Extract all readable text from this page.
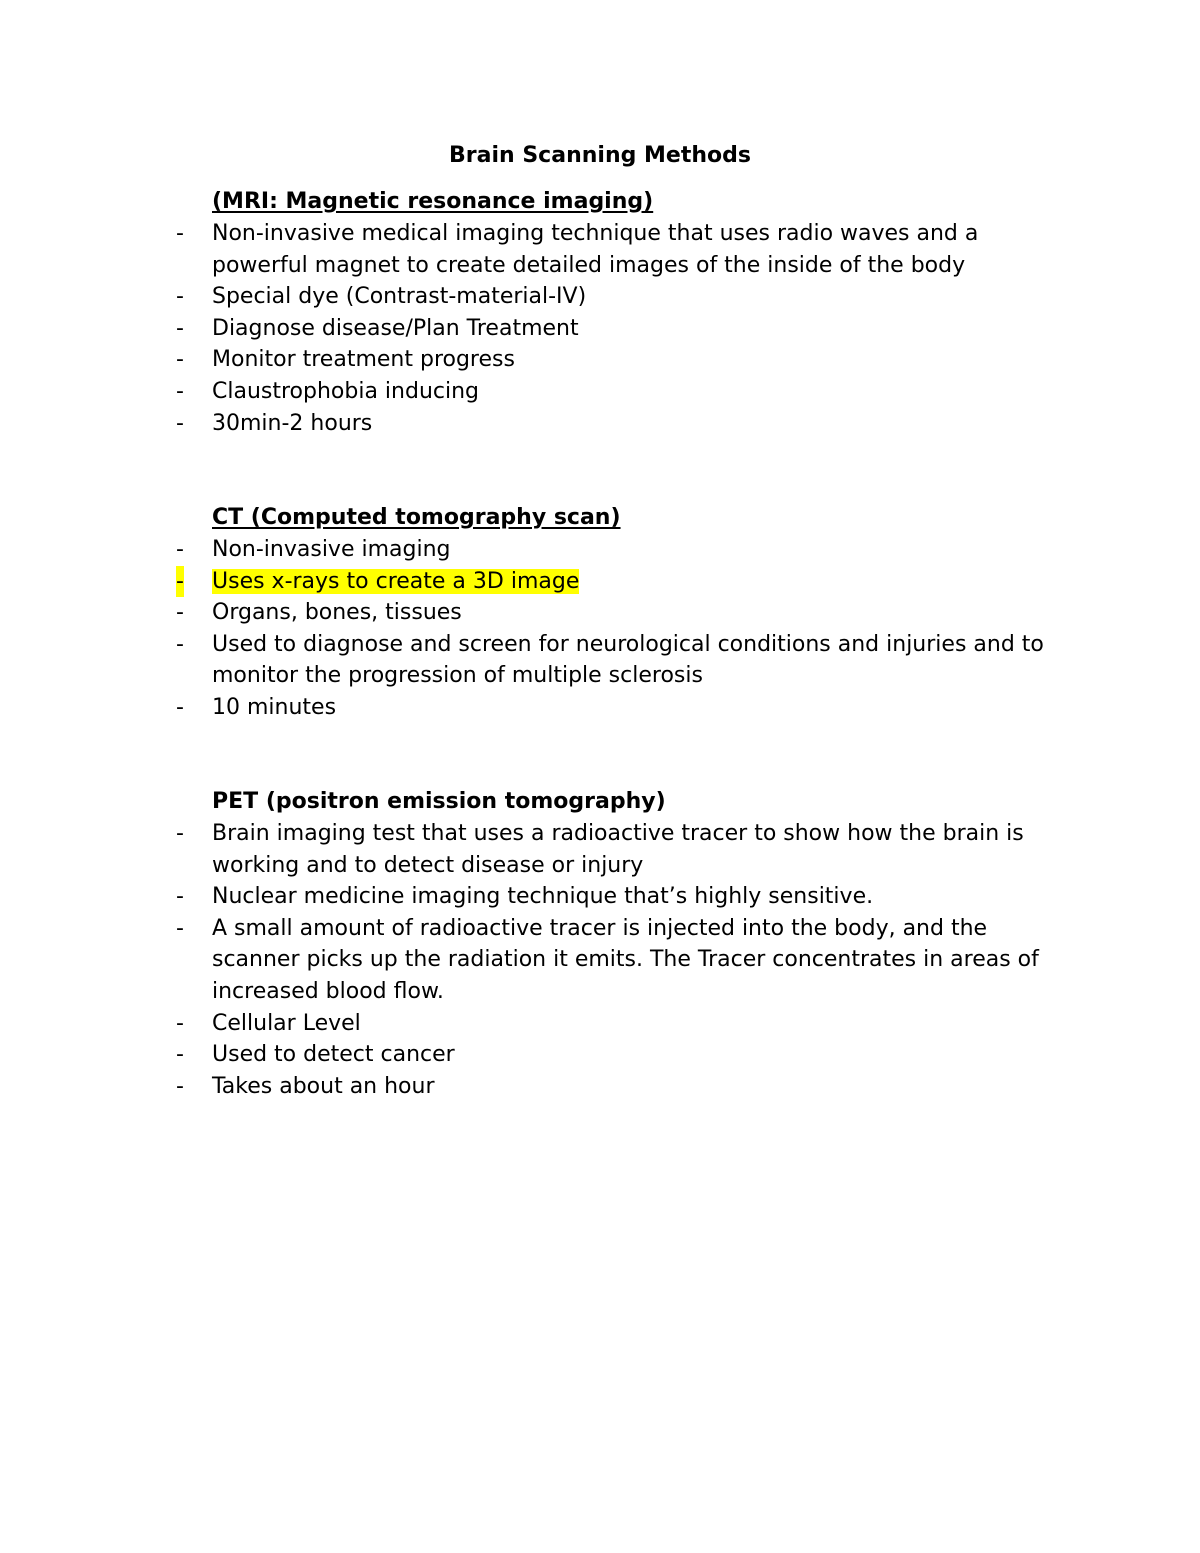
Brain Scanning Methods
(MRI: Magnetic resonance imaging)
- Non-invasive medical imaging technique that uses radio waves and a powerful magnet to create detailed images of the inside of the body
- Special dye (Contrast-material-IV)
- Diagnose disease/Plan Treatment
- Monitor treatment progress
- Claustrophobia inducing
- 30min-2 hours
CT (Computed tomography scan)
- Non-invasive imaging
- Uses x-rays to create a 3D image
- Organs, bones, tissues
- Used to diagnose and screen for neurological conditions and injuries and to monitor the progression of multiple sclerosis
- 10 minutes
PET (positron emission tomography)
- Brain imaging test that uses a radioactive tracer to show how the brain is working and to detect disease or injury
- Nuclear medicine imaging technique that’s highly sensitive.
- A small amount of radioactive tracer is injected into the body, and the scanner picks up the radiation it emits. The Tracer concentrates in areas of increased blood flow.
- Cellular Level
- Used to detect cancer
- Takes about an hour
